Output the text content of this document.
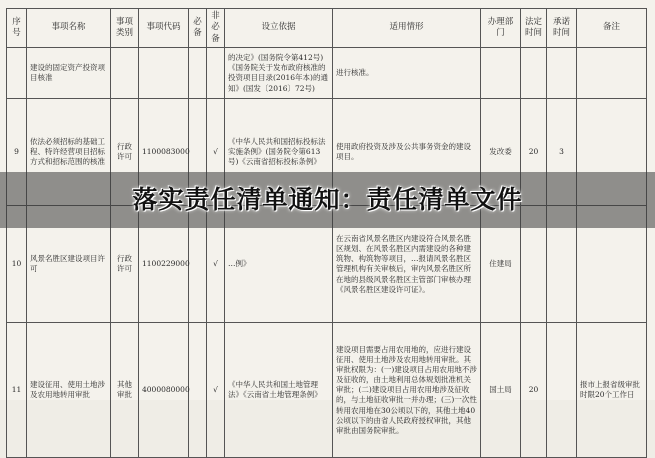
序号	事项名称	事项类别	事项代码	必备	非必备	设立依据	适用情形	办理部门	法定时间	承诺时间	备注
	建设的固定资产投资项目核准					的决定》(国务院令第412号)《国务院关于发布政府核准的投资项目目录(2016年本)的通知》(国发〔2016〕72号)	进行核准。				
9	依法必须招标的基础工程、特许经营项目招标方式和招标范围的核准	行政许可	1100083000		√	《中华人民共和国招标投标法实施条例》(国务院令第613号)《云南省招标投标条例》	使用政府投资及涉及公共事务资金的建设项目。	发改委	20	3	
10	风景名胜区建设项目许可	行政许可	1100229000		√	…例》	在云南省风景名胜区内建设符合风景名胜区规划、在风景名胜区内需建设的各种建筑物、构筑物等项目，…报请风景名胜区管理机构有关审核后，审内风景名胜区所在地的县级风景名胜区主管部门审核办理《风景名胜区建设许可证》。	住建局			
11	建设征用、使用土地涉及农用地转用审批	其他审批	4000080000		√	《中华人民共和国土地管理法》《云南省土地管理条例》	建设项目需要占用农用地的，应进行建设征用、使用土地涉及农用地转用审批。其审批权限为：(一)建设项目占用农用地不涉及征收的，由土地利用总体规划批准机关审批；(二)建设项目占用农用地涉及征收的，与土地征收审批一并办理；(三)一次性转用农用地在30公顷以下的，其他土地40公顷以下的由省人民政府授权审批，其他审批由国务院审批。	国土局	20		报市上报省级审批时限20个工作日
落实责任清单通知：责任清单文件
